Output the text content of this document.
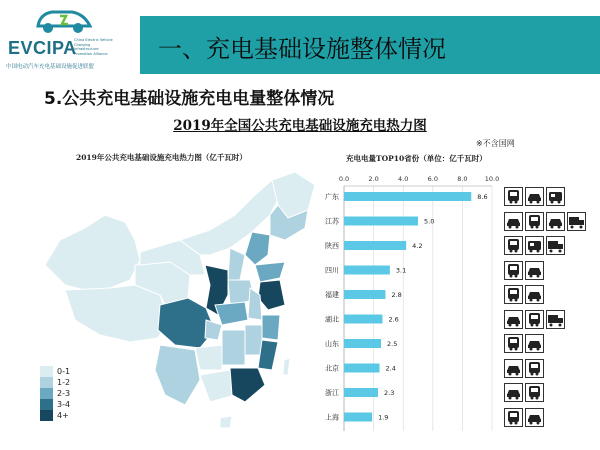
EVCIPA
China Electric Vehicle Charging Infrastructure Promotion Alliance
中国电动汽车充电基础设施促进联盟
一、充电基础设施整体情况
5.公共充电基础设施充电电量整体情况
2019年全国公共充电基础设施充电热力图
2019年公共充电基础设施充电热力图（亿千瓦时）
※不含国网
充电电量TOP10省份（单位：亿千瓦时）
0-1
1-2
2-3
3-4
4+
0.0	2.0	4.0	6.0	8.0	10.0
广东	8.6
江苏	5.0
陕西	4.2
四川	3.1
福建	2.8
湖北	2.6
山东	2.5
北京	2.4
浙江	2.3
上海	1.9
